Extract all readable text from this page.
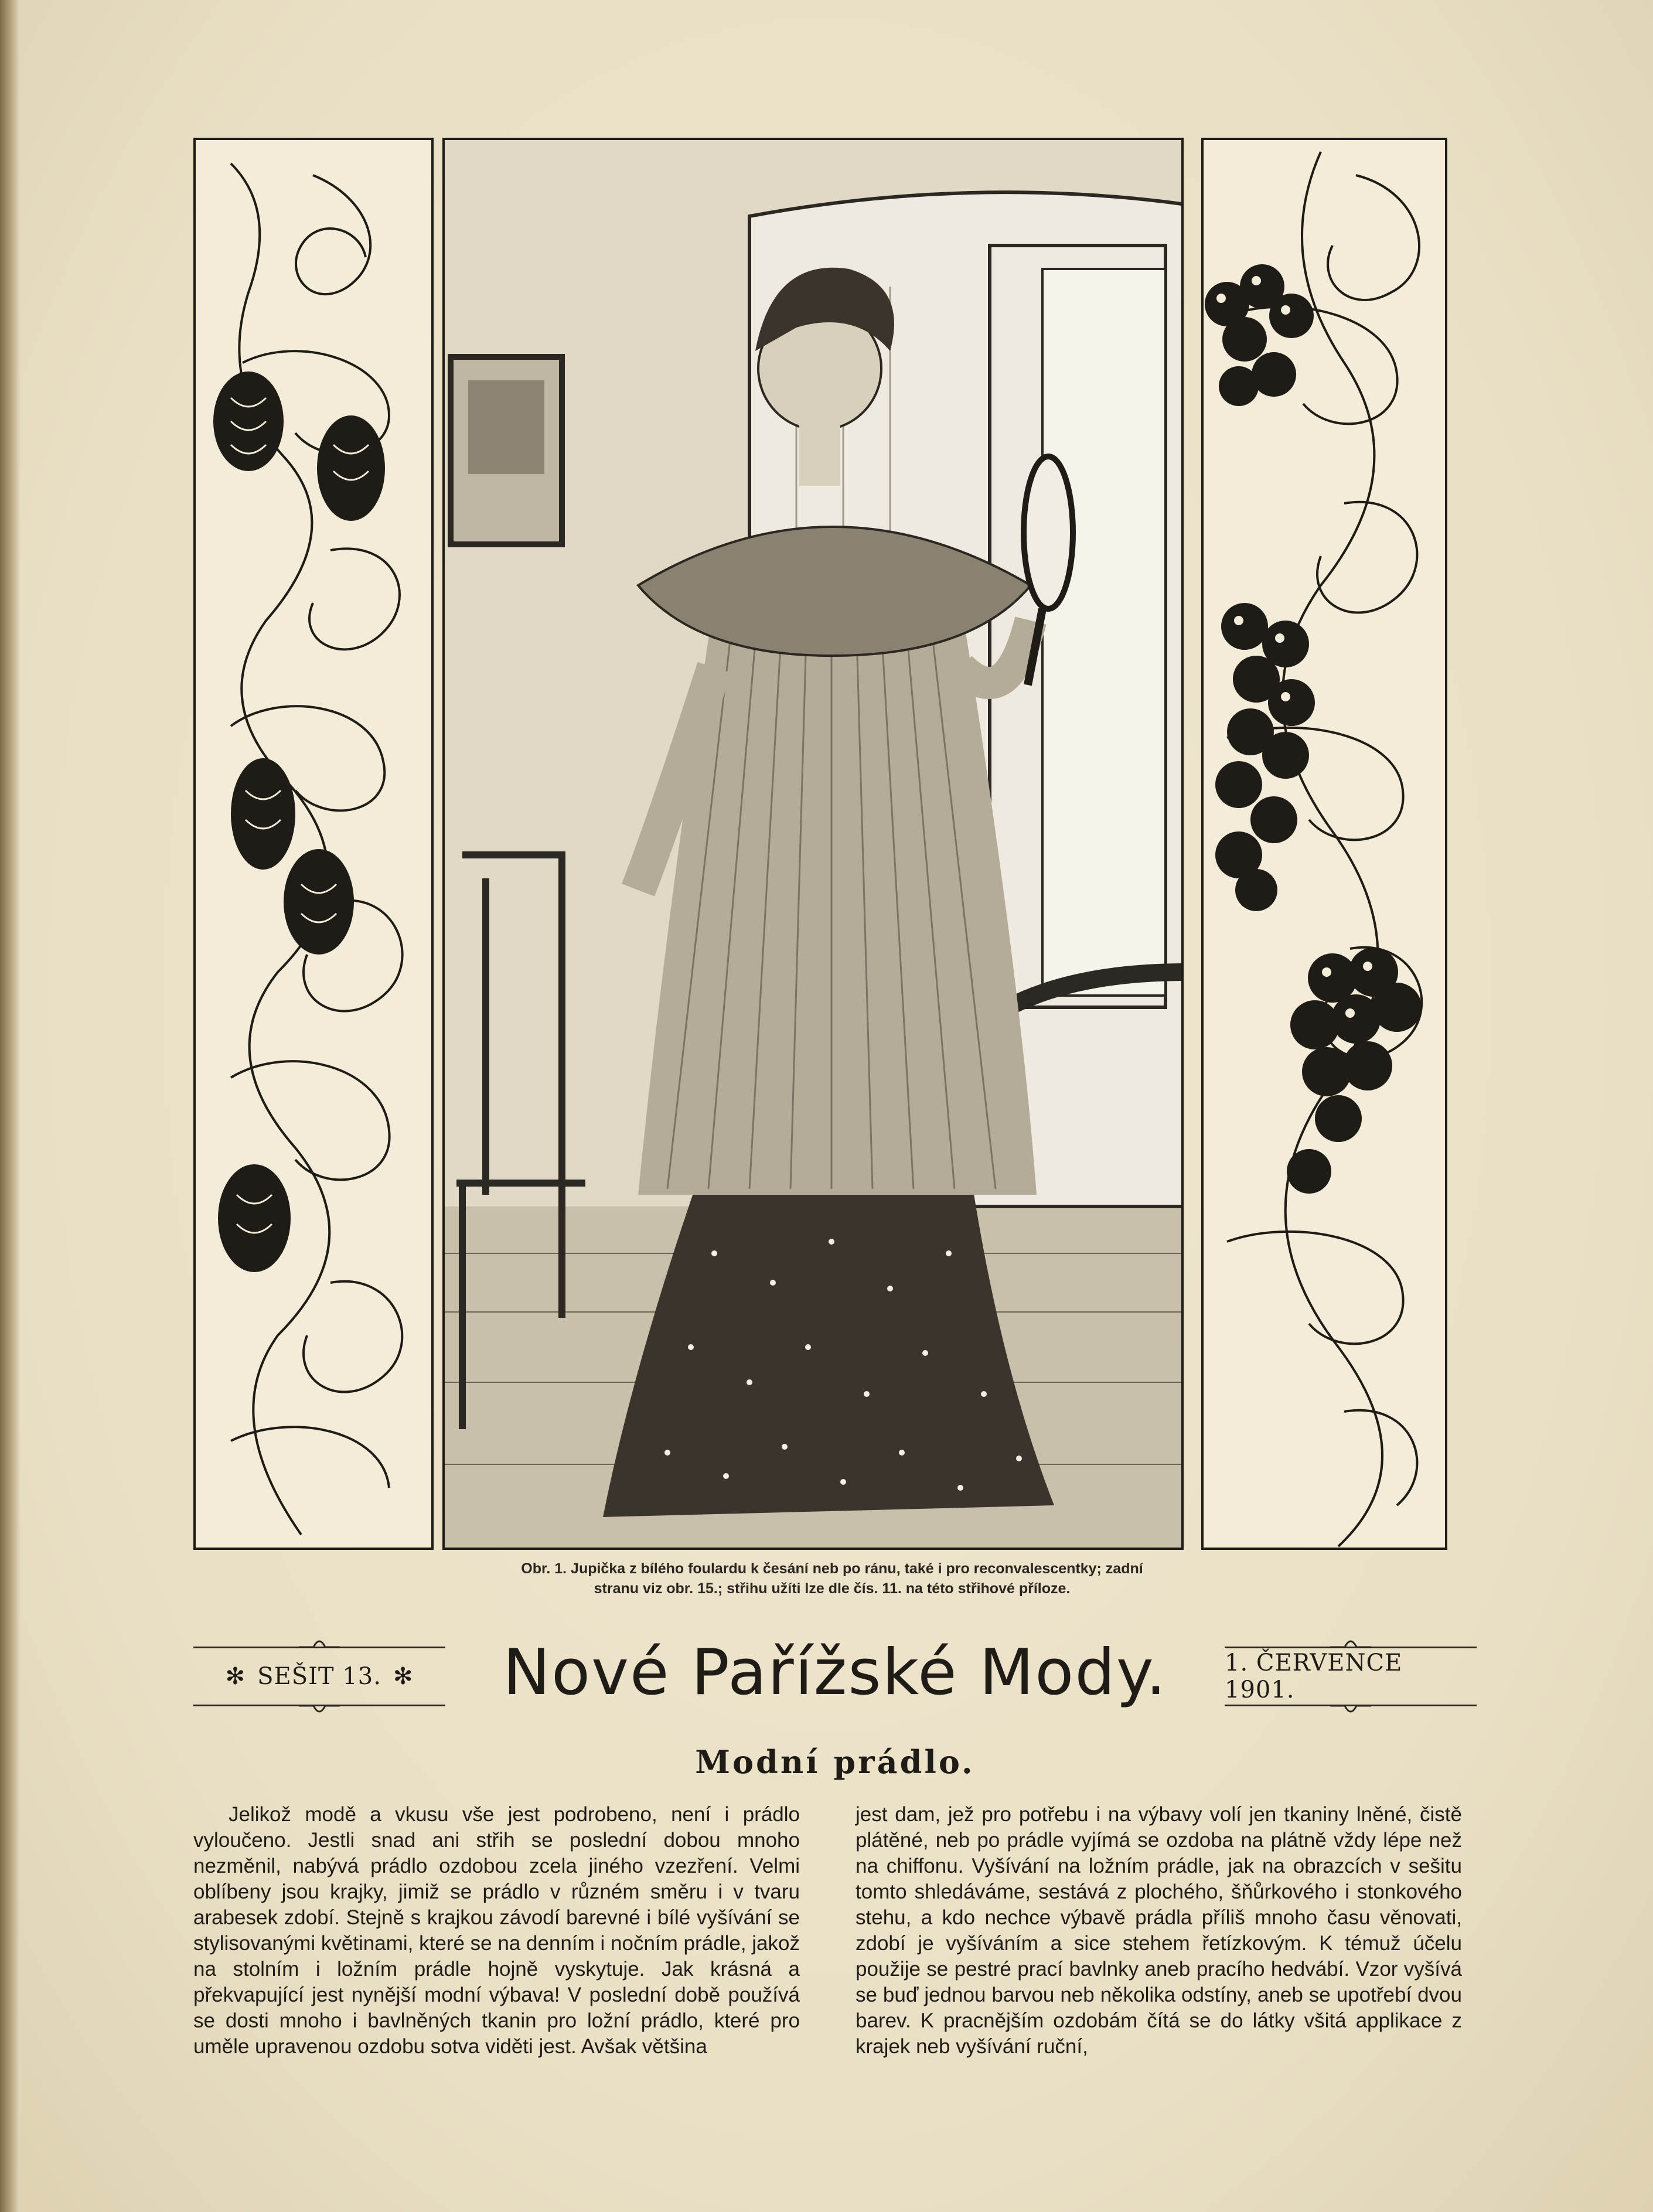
Obr. 1. Jupička z bílého foulardu k česání neb po ránu, také i pro reconvalescentky; zadní
stranu viz obr. 15.; střihu užíti lze dle čís. 11. na této střihové příloze.
✻ SEŠIT 13. ✻	Nové Pařížské Mody.	1. ČERVENCE 1901.
Modní prádlo.

Jelikož modě a vkusu vše jest podrobeno, není i prádlo vyloučeno. Jestli snad ani střih se poslední dobou mnoho nezměnil, nabývá prádlo ozdobou zcela jiného vzezření. Velmi oblíbeny jsou krajky, jimiž se prádlo v různém směru i v tvaru arabesek zdobí. Stejně s krajkou závodí barevné i bílé vyšívání se stylisovanými květinami, které se na denním i nočním prádle, jakož na stolním i ložním prádle hojně vyskytuje. Jak krásná a překvapující jest nynější modní výbava! V poslední době používá se dosti mnoho i bavlněných tkanin pro ložní prádlo, které pro uměle upravenou ozdobu sotva viděti jest. Avšak většina

jest dam, jež pro potřebu i na výbavy volí jen tkaniny lněné, čistě plátěné, neb po prádle vyjímá se ozdoba na plátně vždy lépe než na chiffonu. Vyšívání na ložním prádle, jak na obrazcích v sešitu tomto shledáváme, sestává z plochého, šňůrkového i stonkového stehu, a kdo nechce výbavě prádla příliš mnoho času věnovati, zdobí je vyšíváním a sice stehem řetízkovým. K témuž účelu použije se pestré prací bavlnky aneb pracího hedvábí. Vzor vyšívá se buď jednou barvou neb několika odstíny, aneb se upotřebí dvou barev. K pracnějším ozdobám čítá se do látky všitá applikace z krajek neb vyšívání ruční,
